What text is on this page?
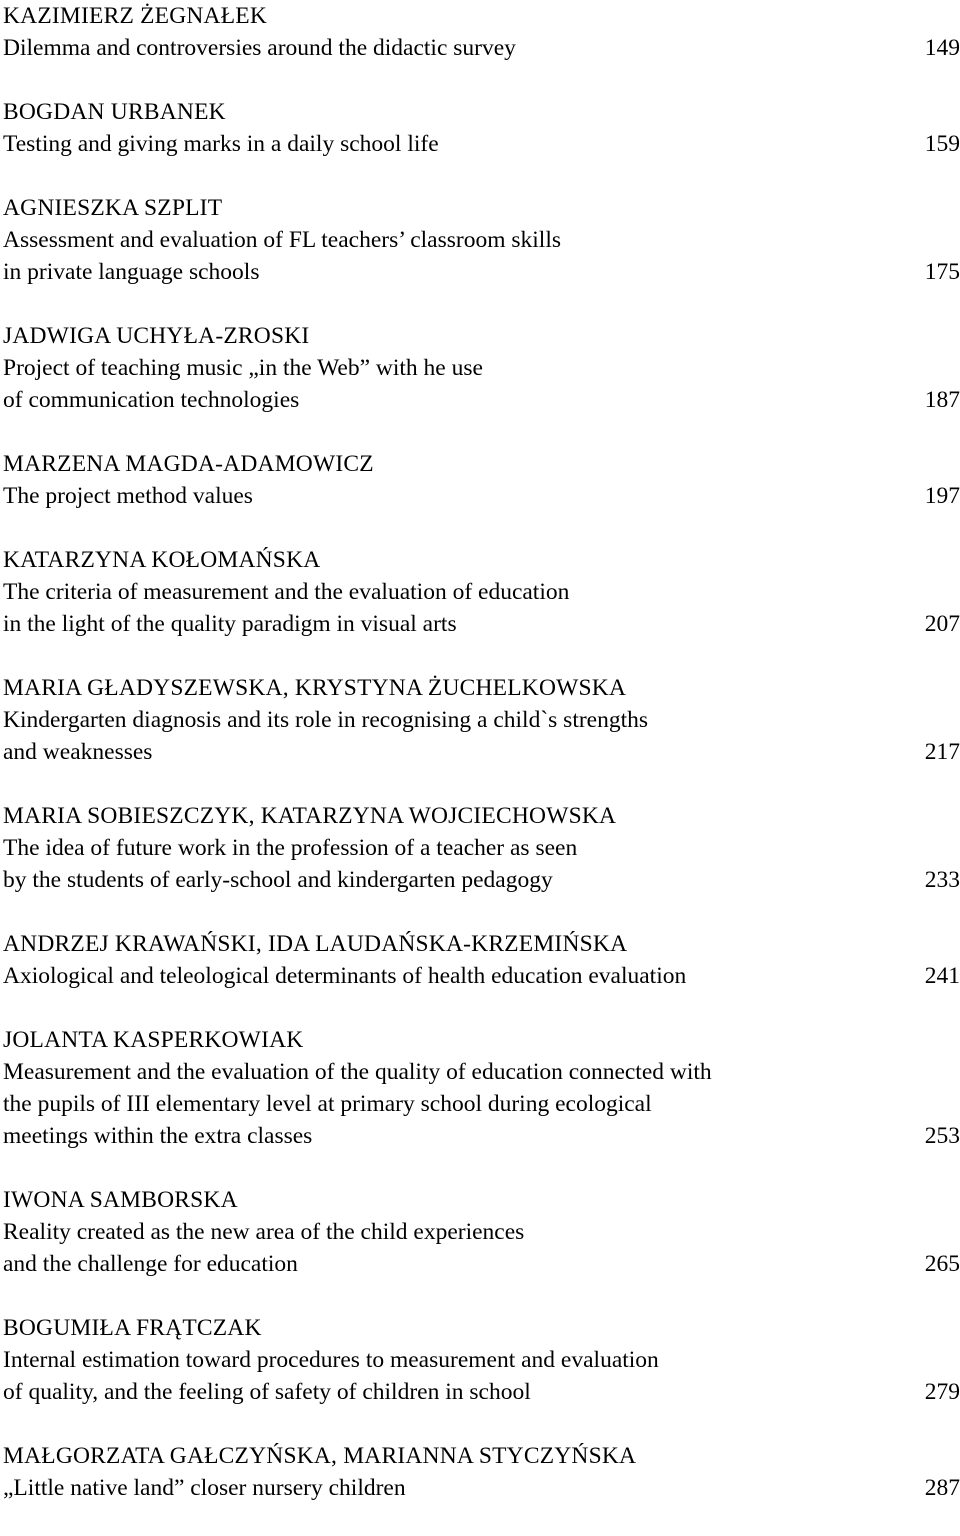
KAZIMIERZ ŻEGNAŁEK
Dilemma and controversies around the didactic survey	149
BOGDAN URBANEK
Testing and giving marks in a daily school life	159
AGNIESZKA SZPLIT
Assessment and evaluation of FL teachers’ classroom skills
in private language schools	175
JADWIGA UCHYŁA-ZROSKI
Project of teaching music „in the Web” with he use
of communication technologies	187
MARZENA MAGDA-ADAMOWICZ
The project method values	197
KATARZYNA KOŁOMAŃSKA
The criteria of measurement and the evaluation of education
in the light of the quality paradigm in visual arts	207
MARIA GŁADYSZEWSKA, KRYSTYNA ŻUCHELKOWSKA
Kindergarten diagnosis and its role in recognising a child`s strengths
and weaknesses	217
MARIA SOBIESZCZYK, KATARZYNA WOJCIECHOWSKA
The idea of future work in the profession of a teacher as seen
by the students of early-school and kindergarten pedagogy	233
ANDRZEJ KRAWAŃSKI, IDA LAUDAŃSKA-KRZEMIŃSKA
Axiological and teleological determinants of health education evaluation	241
JOLANTA KASPERKOWIAK
Measurement and the evaluation of the quality of education connected with
the pupils of III elementary level at primary school during ecological
meetings within the extra classes	253
IWONA SAMBORSKA
Reality created as the new area of the child experiences
and the challenge for education	265
BOGUMIŁA FRĄTCZAK
Internal estimation toward procedures to measurement and evaluation
of quality, and the feeling of safety of children in school	279
MAŁGORZATA GAŁCZYŃSKA, MARIANNA STYCZYŃSKA
„Little native land” closer nursery children	287
